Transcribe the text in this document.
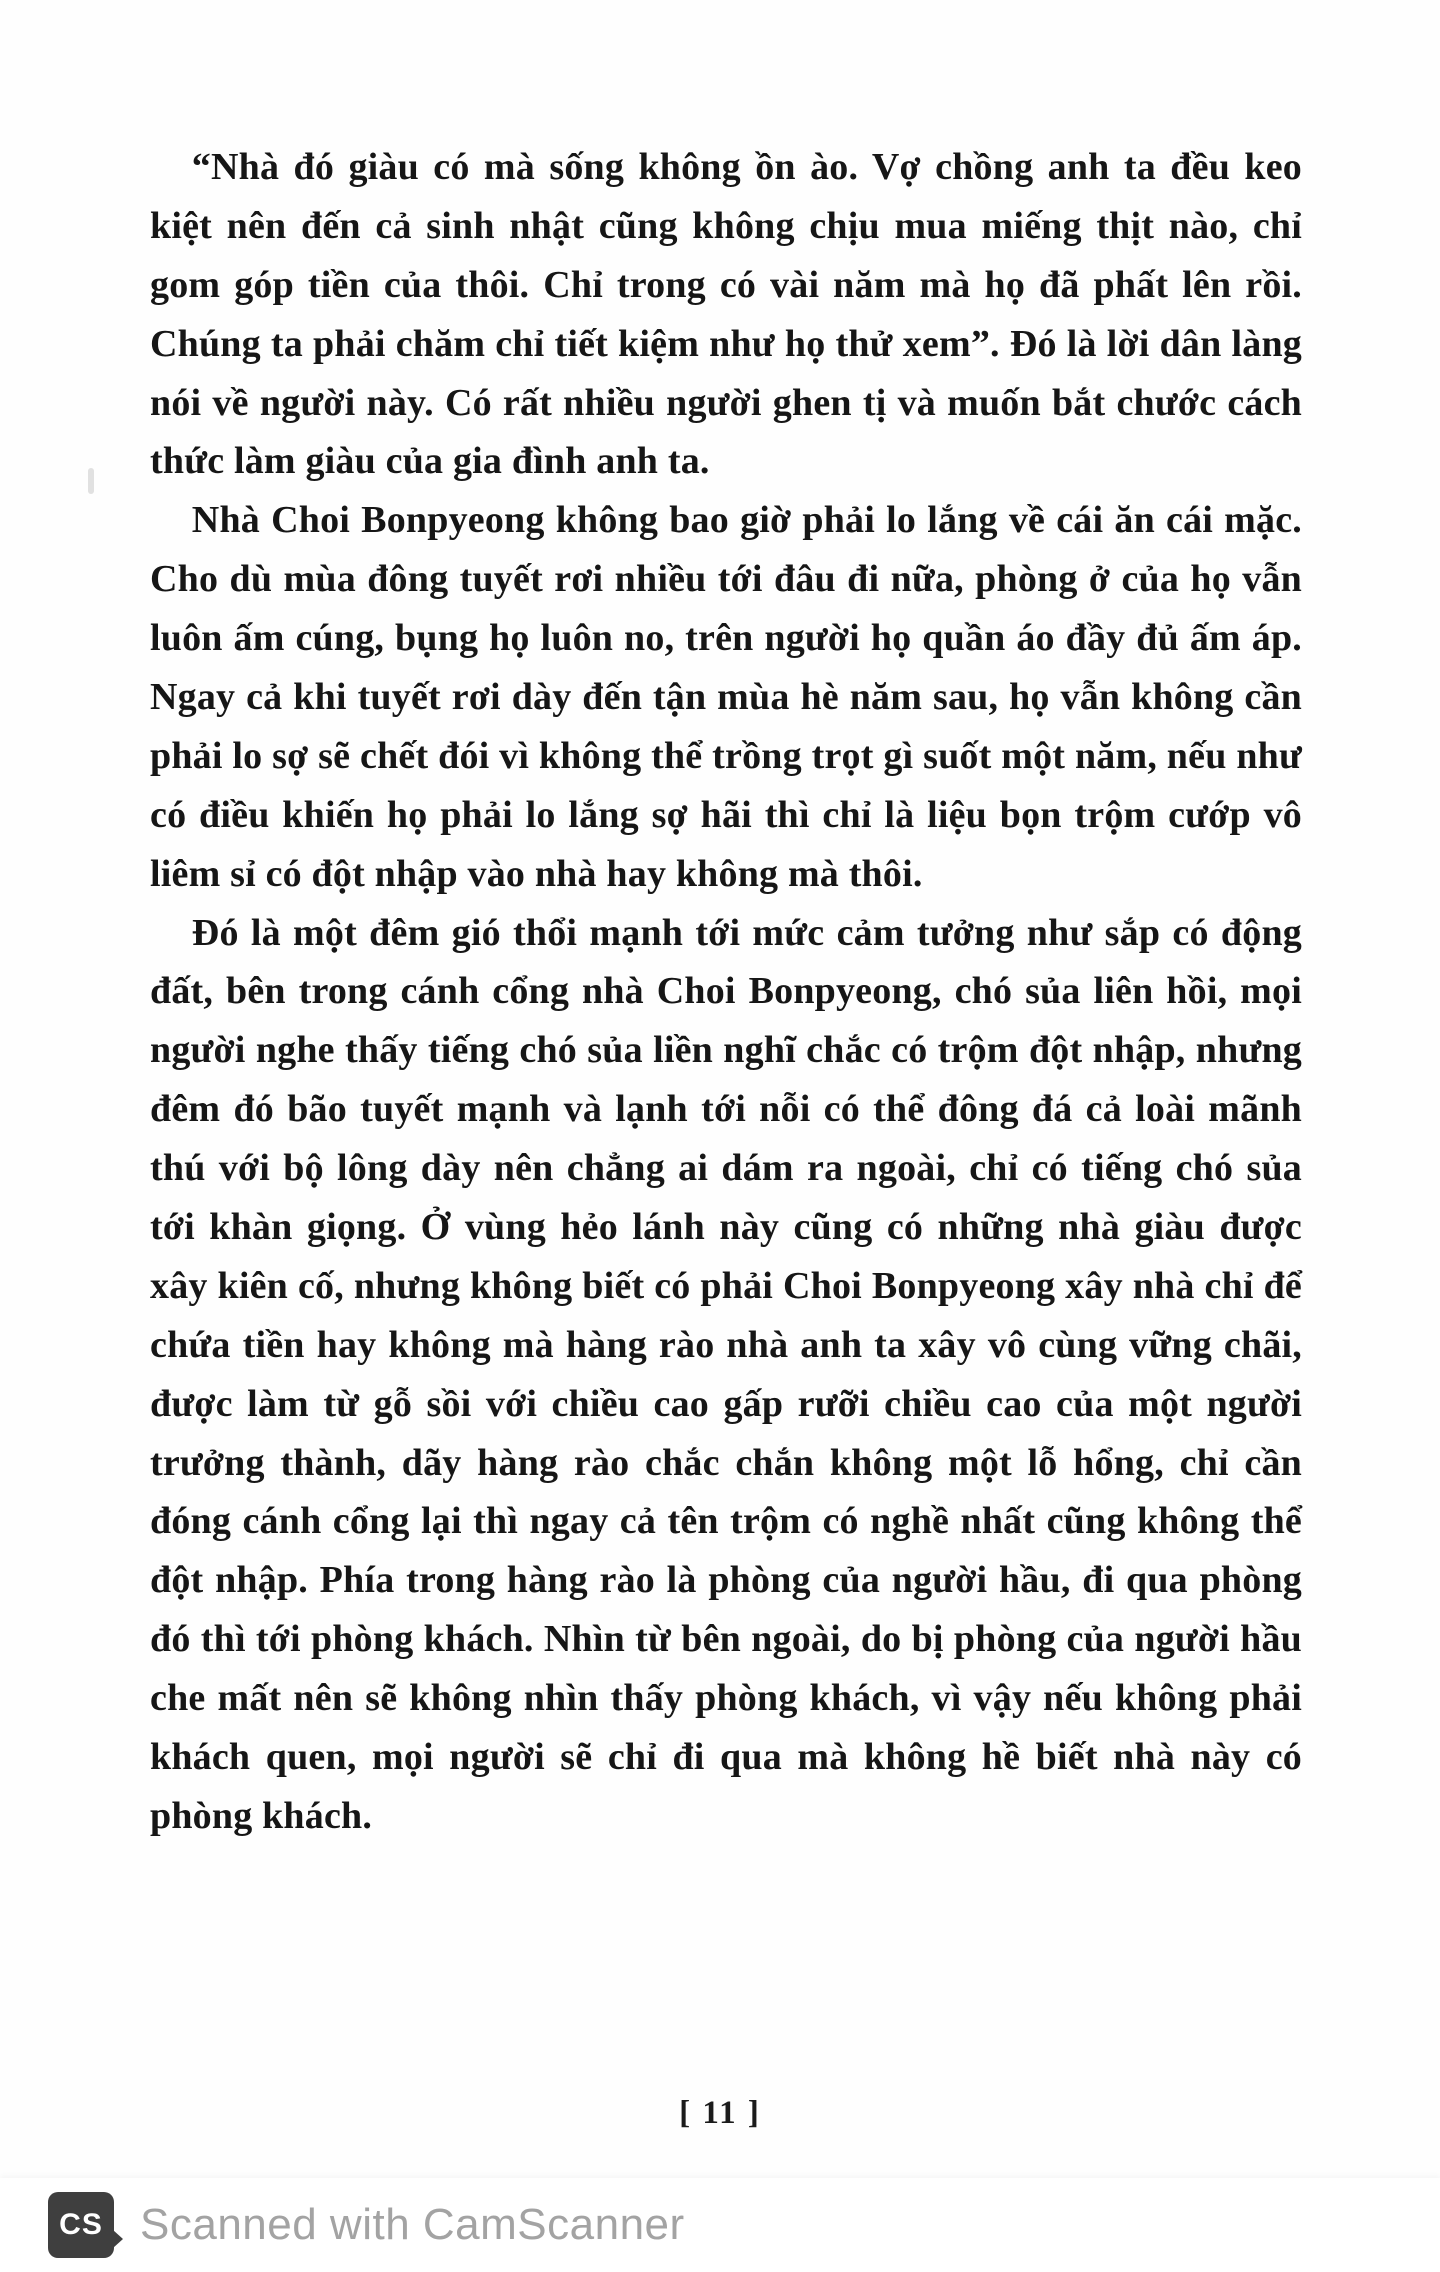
“Nhà đó giàu có mà sống không ồn ào. Vợ chồng anh ta đều keo kiệt nên đến cả sinh nhật cũng không chịu mua miếng thịt nào, chỉ gom góp tiền của thôi. Chỉ trong có vài năm mà họ đã phất lên rồi. Chúng ta phải chăm chỉ tiết kiệm như họ thử xem”. Đó là lời dân làng nói về người này. Có rất nhiều người ghen tị và muốn bắt chước cách thức làm giàu của gia đình anh ta.

Nhà Choi Bonpyeong không bao giờ phải lo lắng về cái ăn cái mặc. Cho dù mùa đông tuyết rơi nhiều tới đâu đi nữa, phòng ở của họ vẫn luôn ấm cúng, bụng họ luôn no, trên người họ quần áo đầy đủ ấm áp. Ngay cả khi tuyết rơi dày đến tận mùa hè năm sau, họ vẫn không cần phải lo sợ sẽ chết đói vì không thể trồng trọt gì suốt một năm, nếu như có điều khiến họ phải lo lắng sợ hãi thì chỉ là liệu bọn trộm cướp vô liêm sỉ có đột nhập vào nhà hay không mà thôi.

Đó là một đêm gió thổi mạnh tới mức cảm tưởng như sắp có động đất, bên trong cánh cổng nhà Choi Bonpyeong, chó sủa liên hồi, mọi người nghe thấy tiếng chó sủa liền nghĩ chắc có trộm đột nhập, nhưng đêm đó bão tuyết mạnh và lạnh tới nỗi có thể đông đá cả loài mãnh thú với bộ lông dày nên chẳng ai dám ra ngoài, chỉ có tiếng chó sủa tới khàn giọng. Ở vùng hẻo lánh này cũng có những nhà giàu được xây kiên cố, nhưng không biết có phải Choi Bonpyeong xây nhà chỉ để chứa tiền hay không mà hàng rào nhà anh ta xây vô cùng vững chãi, được làm từ gỗ sồi với chiều cao gấp rưỡi chiều cao của một người trưởng thành, dãy hàng rào chắc chắn không một lỗ hổng, chỉ cần đóng cánh cổng lại thì ngay cả tên trộm có nghề nhất cũng không thể đột nhập. Phía trong hàng rào là phòng của người hầu, đi qua phòng đó thì tới phòng khách. Nhìn từ bên ngoài, do bị phòng của người hầu che mất nên sẽ không nhìn thấy phòng khách, vì vậy nếu không phải khách quen, mọi người sẽ chỉ đi qua mà không hề biết nhà này có phòng khách.

[ 11 ]
CS Scanned with CamScanner
